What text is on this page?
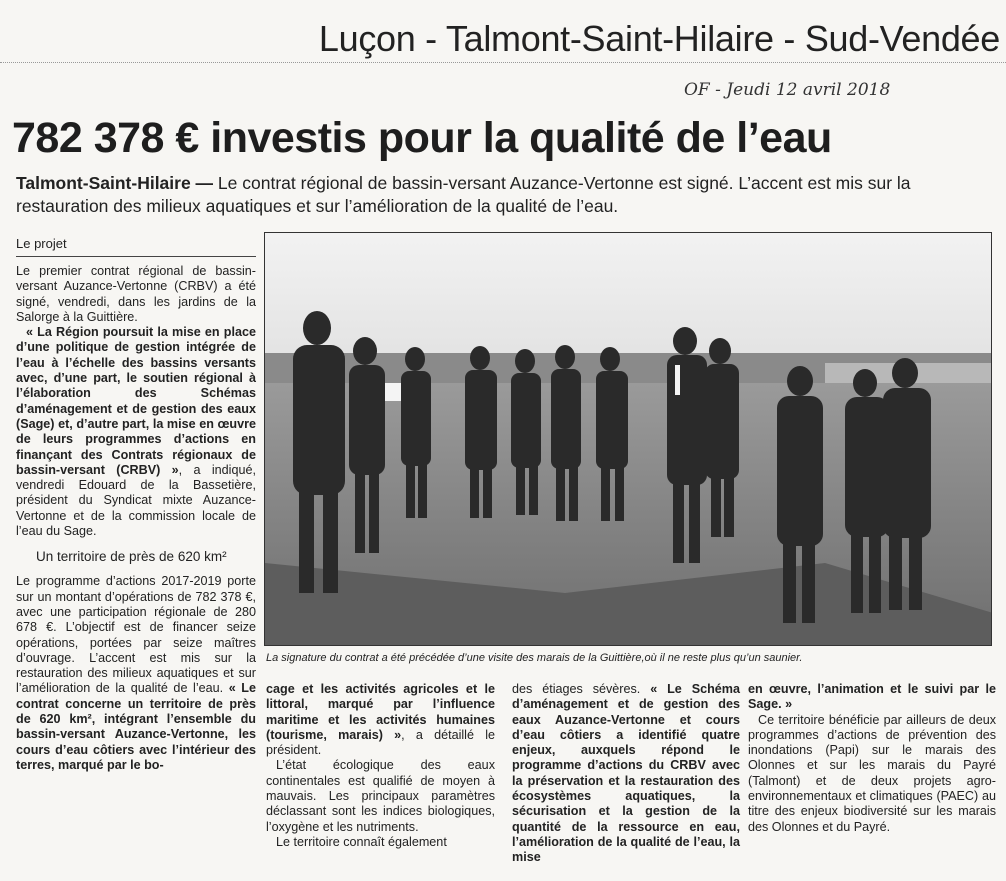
Luçon - Talmont-Saint-Hilaire - Sud-Vendée
OF - Jeudi 12 avril 2018
782 378 € investis pour la qualité de l’eau
Talmont-Saint-Hilaire — Le contrat régional de bassin-versant Auzance-Vertonne est signé. L’accent est mis sur la restauration des milieux aquatiques et sur l’amélioration de la qualité de l’eau.
Le projet

Le premier contrat régional de bassin-versant Auzance-Vertonne (CRBV) a été signé, vendredi, dans les jardins de la Salorge à la Guittière.

« La Région poursuit la mise en place d’une politique de gestion intégrée de l’eau à l’échelle des bassins versants avec, d’une part, le soutien régional à l’élaboration des Schémas d’aménagement et de gestion des eaux (Sage) et, d’autre part, la mise en œuvre de leurs programmes d’actions en finançant des Contrats régionaux de bassin-versant (CRBV) », a indiqué, vendredi Edouard de la Bassetière, président du Syndicat mixte Auzance-Vertonne et de la commission locale de l’eau du Sage.

Un territoire de près de 620 km²

Le programme d’actions 2017-2019 porte sur un montant d’opérations de 782 378 €, avec une participation régionale de 280 678 €. L’objectif est de financer seize opérations, portées par seize maîtres d’ouvrage. L’accent est mis sur la restauration des milieux aquatiques et sur l’amélioration de la qualité de l’eau. « Le contrat concerne un territoire de près de 620 km², intégrant l’ensemble du bassin-versant Auzance-Vertonne, les cours d’eau côtiers avec l’intérieur des terres, marqué par le bo-

La signature du contrat a été précédée d’une visite des marais de la Guittière,où il ne reste plus qu’un saunier.

cage et les activités agricoles et le littoral, marqué par l’influence maritime et les activités humaines (tourisme, marais) », a détaillé le président.

L’état écologique des eaux continentales est qualifié de moyen à mauvais. Les principaux paramètres déclassant sont les indices biologiques, l’oxygène et les nutriments.

Le territoire connaît également

des étiages sévères. « Le Schéma d’aménagement et de gestion des eaux Auzance-Vertonne et cours d’eau côtiers a identifié quatre enjeux, auxquels répond le programme d’actions du CRBV avec la préservation et la restauration des écosystèmes aquatiques, la sécurisation et la gestion de la quantité de la ressource en eau, l’amélioration de la qualité de l’eau, la mise

en œuvre, l’animation et le suivi par le Sage. »

Ce territoire bénéficie par ailleurs de deux programmes d’actions de prévention des inondations (Papi) sur le marais des Olonnes et sur les marais du Payré (Talmont) et de deux projets agro-environnementaux et climatiques (PAEC) au titre des enjeux biodiversité sur les marais des Olonnes et du Payré.
